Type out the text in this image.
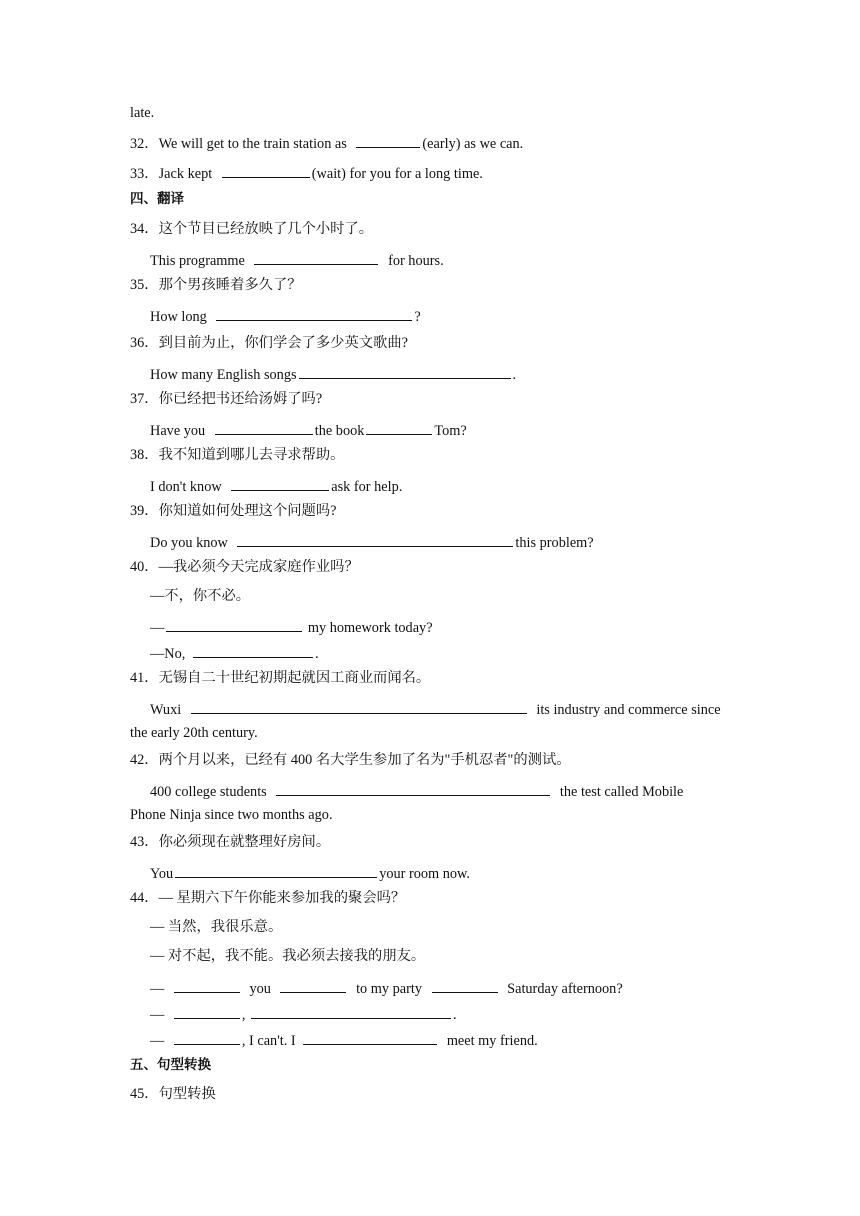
late.
32．We will get to the train station as	(early) as we can.
33．Jack kept	(wait) for you for a long time.
四、翻译
34．这个节目已经放映了几个小时了。
This programme	for hours.
35．那个男孩睡着多久了？
How long	?
36．到目前为止，你们学会了多少英文歌曲?
How many English songs	.
37．你已经把书还给汤姆了吗?
Have you	the book	Tom?
38．我不知道到哪儿去寻求帮助。
I don't know	ask for help.
39．你知道如何处理这个问题吗?
Do you know	this problem?
40．—我必须今天完成家庭作业吗？
—不，你不必。
—	my homework today?
—No,	.
41．无锡自二十世纪初期起就因工商业而闻名。
Wuxi	its industry and commerce since
the early 20th century.
42．两个月以来，已经有 400 名大学生参加了名为"手机忍者"的测试。
400 college students	the test called Mobile
Phone Ninja since two months ago.
43．你必须现在就整理好房间。
You	your room now.
44．— 星期六下午你能来参加我的聚会吗？
— 当然，我很乐意。
— 对不起，我不能。我必须去接我的朋友。
—	you	to my party	Saturday afternoon?
—	,	.
—	, I can't. I	meet my friend.
五、句型转换
45．句型转换
